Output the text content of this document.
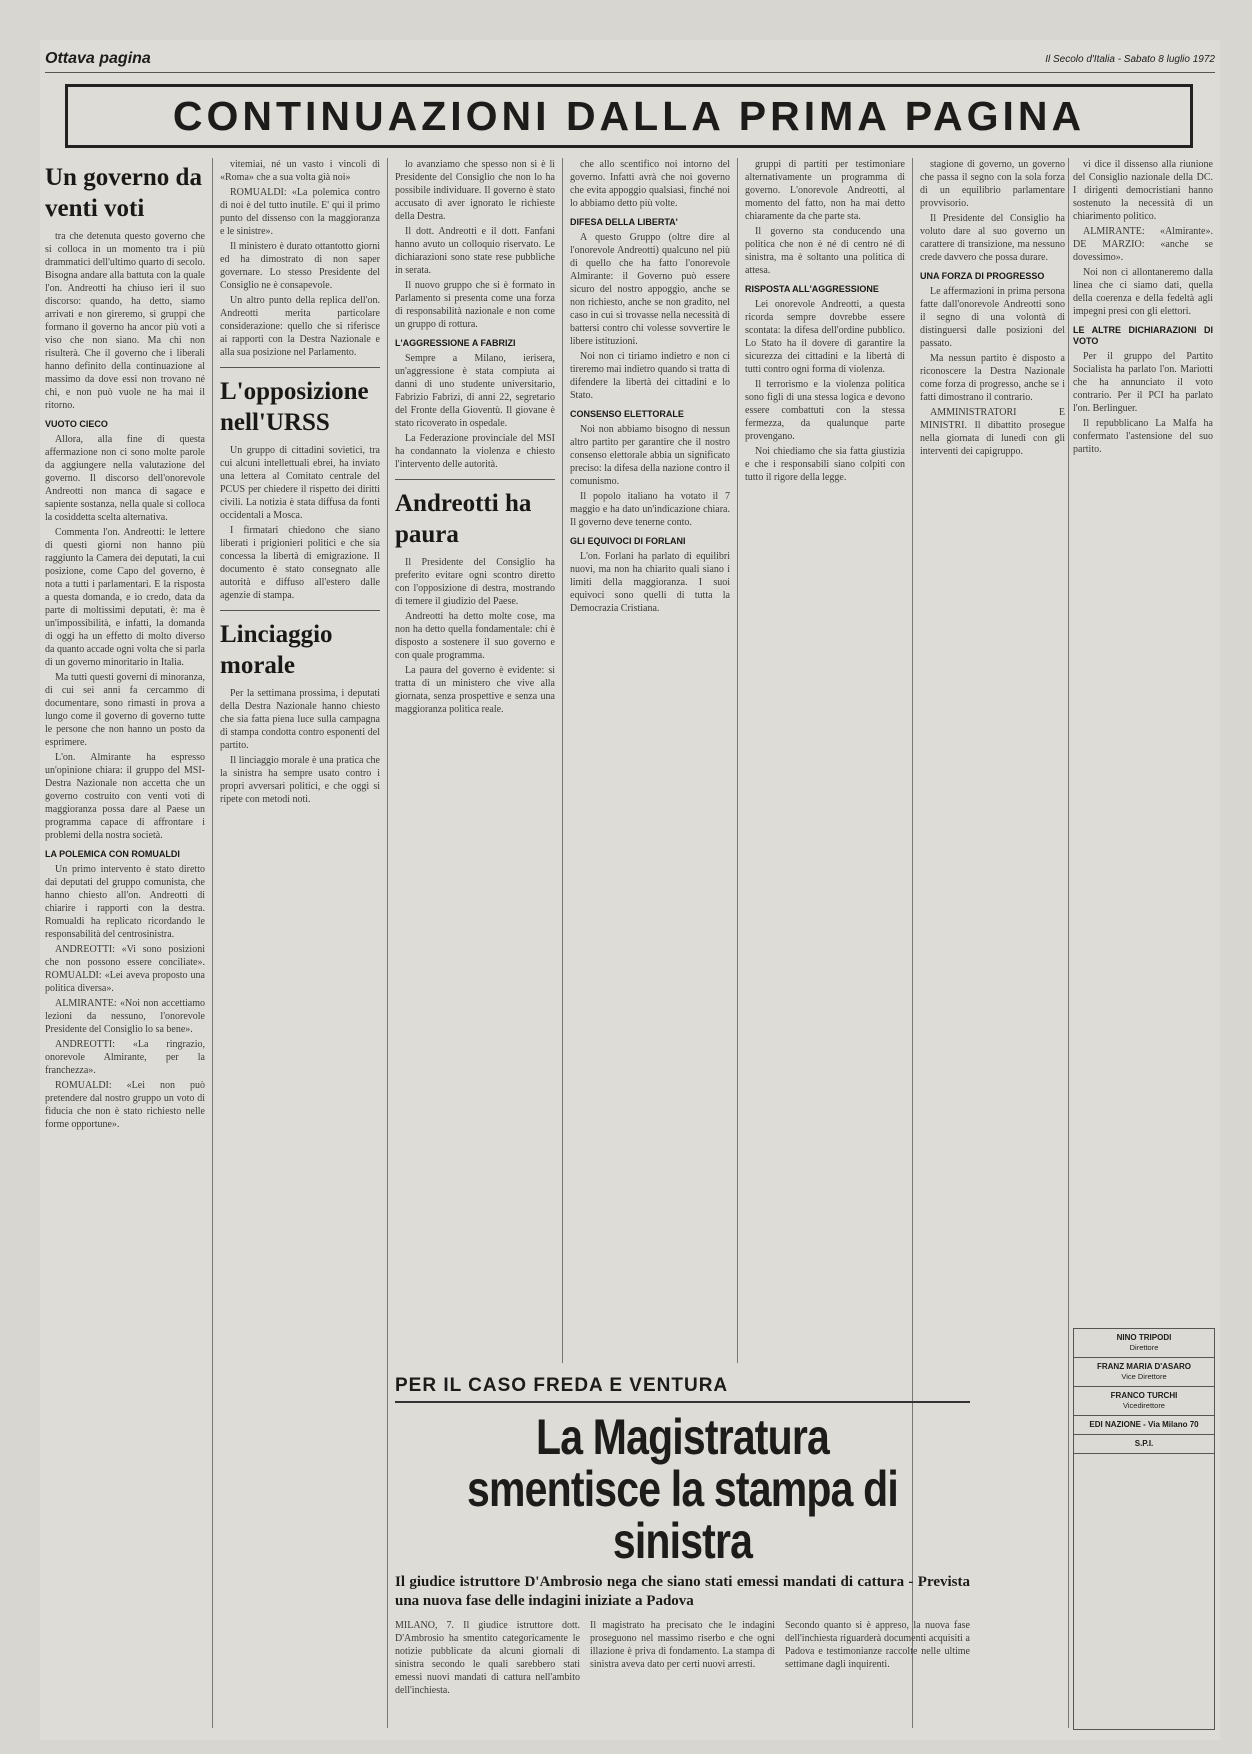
Ottava pagina	Il Secolo d'Italia - Sabato 8 luglio 1972
CONTINUAZIONI DALLA PRIMA PAGINA
Un governo da venti voti

tra che detenuta questo governo che si colloca in un momento tra i più drammatici dell'ultimo quarto di secolo. Bisogna andare alla battuta con la quale l'on. Andreotti ha chiuso ieri il suo discorso: quando, ha detto, siamo arrivati e non gireremo, si gruppi che formano il governo ha ancor più voti a viso che non siano. Ma chi non risulterà. Che il governo che i liberali hanno definito della continuazione al massimo da dove essi non trovano né chi, e non può vuole ne ha mai il ritorno.

VUOTO CIECO

Allora, alla fine di questa affermazione non ci sono molte parole da aggiungere nella valutazione del governo. Il discorso dell'onorevole Andreotti non manca di sagace e sapiente sostanza, nella quale si colloca la cosiddetta scelta alternativa.

Commenta l'on. Andreotti: le lettere di questi giorni non hanno più raggiunto la Camera dei deputati, la cui posizione, come Capo del governo, è nota a tutti i parlamentari. E la risposta a questa domanda, e io credo, data da parte di moltissimi deputati, è: ma è un'impossibilità, e infatti, la domanda di oggi ha un effetto di molto diverso da quanto accade ogni volta che si parla di un governo minoritario in Italia.

Ma tutti questi governi di minoranza, di cui sei anni fa cercammo di documentare, sono rimasti in prova a lungo come il governo di governo tutte le persone che non hanno un posto da esprimere.

L'on. Almirante ha espresso un'opinione chiara: il gruppo del MSI-Destra Nazionale non accetta che un governo costruito con venti voti di maggioranza possa dare al Paese un programma capace di affrontare i problemi della nostra società.

LA POLEMICA CON ROMUALDI

Un primo intervento è stato diretto dai deputati del gruppo comunista, che hanno chiesto all'on. Andreotti di chiarire i rapporti con la destra. Romualdi ha replicato ricordando le responsabilità del centrosinistra.

ANDREOTTI: «Vi sono posizioni che non possono essere conciliate». ROMUALDI: «Lei aveva proposto una politica diversa».

ALMIRANTE: «Noi non accettiamo lezioni da nessuno, l'onorevole Presidente del Consiglio lo sa bene».

ANDREOTTI: «La ringrazio, onorevole Almirante, per la franchezza».

ROMUALDI: «Lei non può pretendere dal nostro gruppo un voto di fiducia che non è stato richiesto nelle forme opportune».

vitemiai, né un vasto i vincoli di «Roma» che a sua volta già noi»

ROMUALDI: «La polemica contro di noi è del tutto inutile. E' qui il primo punto del dissenso con la maggioranza e le sinistre».

Il ministero è durato ottantotto giorni ed ha dimostrato di non saper governare. Lo stesso Presidente del Consiglio ne è consapevole.

Un altro punto della replica dell'on. Andreotti merita particolare considerazione: quello che si riferisce ai rapporti con la Destra Nazionale e alla sua posizione nel Parlamento.

L'opposizione nell'URSS

Un gruppo di cittadini sovietici, tra cui alcuni intellettuali ebrei, ha inviato una lettera al Comitato centrale del PCUS per chiedere il rispetto dei diritti civili. La notizia è stata diffusa da fonti occidentali a Mosca.

I firmatari chiedono che siano liberati i prigionieri politici e che sia concessa la libertà di emigrazione. Il documento è stato consegnato alle autorità e diffuso all'estero dalle agenzie di stampa.

Linciaggio morale

Per la settimana prossima, i deputati della Destra Nazionale hanno chiesto che sia fatta piena luce sulla campagna di stampa condotta contro esponenti del partito.

Il linciaggio morale è una pratica che la sinistra ha sempre usato contro i propri avversari politici, e che oggi si ripete con metodi noti.

lo avanziamo che spesso non si è lì Presidente del Consiglio che non lo ha possibile individuare. Il governo è stato accusato di aver ignorato le richieste della Destra.

Il dott. Andreotti e il dott. Fanfani hanno avuto un colloquio riservato. Le dichiarazioni sono state rese pubbliche in serata.

Il nuovo gruppo che si è formato in Parlamento si presenta come una forza di responsabilità nazionale e non come un gruppo di rottura.

L'AGGRESSIONE A FABRIZI

Sempre a Milano, ierisera, un'aggressione è stata compiuta ai danni di uno studente universitario, Fabrizio Fabrizi, di anni 22, segretario del Fronte della Gioventù. Il giovane è stato ricoverato in ospedale.

La Federazione provinciale del MSI ha condannato la violenza e chiesto l'intervento delle autorità.

Andreotti ha paura

Il Presidente del Consiglio ha preferito evitare ogni scontro diretto con l'opposizione di destra, mostrando di temere il giudizio del Paese.

Andreotti ha detto molte cose, ma non ha detto quella fondamentale: chi è disposto a sostenere il suo governo e con quale programma.

La paura del governo è evidente: si tratta di un ministero che vive alla giornata, senza prospettive e senza una maggioranza politica reale.

che allo scentifico noi intorno del governo. Infatti avrà che noi governo che evita appoggio qualsiasi, finché noi lo abbiamo detto più volte.

DIFESA DELLA LIBERTA'

A questo Gruppo (oltre dire al l'onorevole Andreotti) qualcuno nel più di quello che ha fatto l'onorevole Almirante: il Governo può essere sicuro del nostro appoggio, anche se non richiesto, anche se non gradito, nel caso in cui si trovasse nella necessità di battersi contro chi volesse sovvertire le libere istituzioni.

Noi non ci tiriamo indietro e non ci tireremo mai indietro quando si tratta di difendere la libertà dei cittadini e lo Stato.

CONSENSO ELETTORALE

Noi non abbiamo bisogno di nessun altro partito per garantire che il nostro consenso elettorale abbia un significato preciso: la difesa della nazione contro il comunismo.

Il popolo italiano ha votato il 7 maggio e ha dato un'indicazione chiara. Il governo deve tenerne conto.

GLI EQUIVOCI DI FORLANI

L'on. Forlani ha parlato di equilibri nuovi, ma non ha chiarito quali siano i limiti della maggioranza. I suoi equivoci sono quelli di tutta la Democrazia Cristiana.

gruppi di partiti per testimoniare alternativamente un programma di governo. L'onorevole Andreotti, al momento del fatto, non ha mai detto chiaramente da che parte sta.

Il governo sta conducendo una politica che non è né di centro né di sinistra, ma è soltanto una politica di attesa.

RISPOSTA ALL'AGGRESSIONE

Lei onorevole Andreotti, a questa ricorda sempre dovrebbe essere scontata: la difesa dell'ordine pubblico. Lo Stato ha il dovere di garantire la sicurezza dei cittadini e la libertà di tutti contro ogni forma di violenza.

Il terrorismo e la violenza politica sono figli di una stessa logica e devono essere combattuti con la stessa fermezza, da qualunque parte provengano.

Noi chiediamo che sia fatta giustizia e che i responsabili siano colpiti con tutto il rigore della legge.

stagione di governo, un governo che passa il segno con la sola forza di un equilibrio parlamentare provvisorio.

Il Presidente del Consiglio ha voluto dare al suo governo un carattere di transizione, ma nessuno crede davvero che possa durare.

UNA FORZA DI PROGRESSO

Le affermazioni in prima persona fatte dall'onorevole Andreotti sono il segno di una volontà di distinguersi dalle posizioni del passato.

Ma nessun partito è disposto a riconoscere la Destra Nazionale come forza di progresso, anche se i fatti dimostrano il contrario.

AMMINISTRATORI E MINISTRI. Il dibattito prosegue nella giornata di lunedì con gli interventi dei capigruppo.

vi dice il dissenso alla riunione del Consiglio nazionale della DC. I dirigenti democristiani hanno sostenuto la necessità di un chiarimento politico.

ALMIRANTE: «Almirante». DE MARZIO: «anche se dovessimo».

Noi non ci allontaneremo dalla linea che ci siamo dati, quella della coerenza e della fedeltà agli impegni presi con gli elettori.

LE ALTRE DICHIARAZIONI DI VOTO

Per il gruppo del Partito Socialista ha parlato l'on. Mariotti che ha annunciato il voto contrario. Per il PCI ha parlato l'on. Berlinguer.

Il repubblicano La Malfa ha confermato l'astensione del suo partito.

PER IL CASO FREDA E VENTURA
La Magistratura smentisce la stampa di sinistra
Il giudice istruttore D'Ambrosio nega che siano stati emessi mandati di cattura - Prevista una nuova fase delle indagini iniziate a Padova
MILANO, 7. Il giudice istruttore dott. D'Ambrosio ha smentito categoricamente le notizie pubblicate da alcuni giornali di sinistra secondo le quali sarebbero stati emessi nuovi mandati di cattura nell'ambito dell'inchiesta.
Il magistrato ha precisato che le indagini proseguono nel massimo riserbo e che ogni illazione è priva di fondamento. La stampa di sinistra aveva dato per certi nuovi arresti.
Secondo quanto si è appreso, la nuova fase dell'inchiesta riguarderà documenti acquisiti a Padova e testimonianze raccolte nelle ultime settimane dagli inquirenti.
NINO TRIPODI
Direttore
FRANZ MARIA D'ASARO
Vice Direttore
FRANCO TURCHI
Vicedirettore
EDI NAZIONE - Via Milano 70
S.P.I.
